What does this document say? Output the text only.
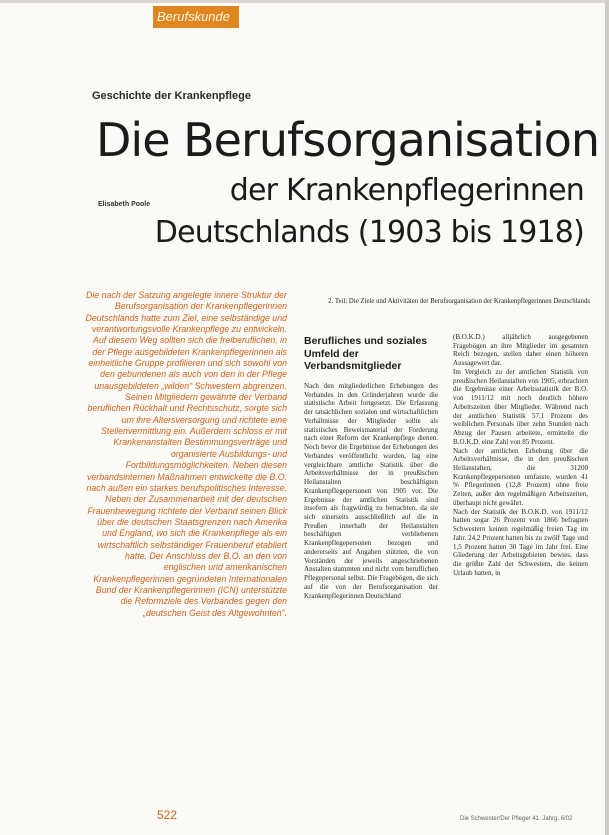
Berufskunde
Geschichte der Krankenpflege
Die Berufsorganisation
Elisabeth Poole	der Krankenpflegerinnen
Deutschlands (1903 bis 1918)
Die nach der Satzung angelegte innere Struktur der Berufsorganisation der Krankenpflegerinnen Deutschlands hatte zum Ziel, eine selbständige und verantwortungsvolle Krankenpflege zu entwickeln. Auf diesem Weg sollten sich die freiberuflichen, in der Pflege ausgebildeten Krankenpflegerinnen als einheitliche Gruppe profilieren und sich sowohl von den gebundenen als auch von den in der Pflege unausgebildeten „wilden“ Schwestern abgrenzen. Seinen Mitgliedern gewährte der Verband beruflichen Rückhalt und Rechtsschutz, sorgte sich um ihre Altersversorgung und richtete eine Stellenvermittlung ein. Außerdem schloss er mit Krankenanstalten Bestimmungsverträge und organisierte Ausbildungs- und Fortbildungsmöglichkeiten. Neben diesen verbandsinternen Maßnahmen entwickelte die B.O. nach außen ein starkes berufspolitisches Interesse. Neben der Zusammenarbeit mit der deutschen Frauenbewegung richtete der Verband seinen Blick über die deutschen Staatsgrenzen nach Amerika und England, wo sich die Krankenpflege als ein wirtschaftlich selbständiger Frauenberuf etabliert hatte. Der Anschluss der B.O. an den von englischen und amerikanischen Krankenpflegerinnen gegründeten Internationalen Bund der Krankenpflegerinnen (ICN) unterstützte die Reformziele des Verbandes gegen den „deutschen Geist des Altgewohnten“.
2. Teil: Die Ziele und Aktivitäten der Berufsorganisation der Krankenpflegerinnen Deutschlands
Berufliches und soziales Umfeld der Verbandsmitglieder

Nach den mitgliederlichen Erhebungen des Verbandes in den Gründerjahren wurde die statistische Arbeit fortgesetzt. Die Erfassung der tatsächlichen sozialen und wirtschaftlichen Verhältnisse der Mitglieder sollte als statistisches Beweismaterial der Forderung nach einer Reform der Krankenpflege dienen. Noch bevor die Ergebnisse der Erhebungen des Verbandes veröffentlicht wurden, lag eine vergleichbare amtliche Statistik über die Arbeitsverhältnisse der in preußischen Heilanstalten beschäftigten Krankenpflegepersonen von 1905 vor. Die Ergebnisse der amtlichen Statistik sind insofern als fragwürdig zu betrachten, da sie sich einerseits ausschließlich auf die in Preußen innerhalb der Heilanstalten beschäftigten verbliebenen Krankenpflegepersonen bezogen und andererseits auf Angaben stützten, die von Vorständen der jeweils angeschriebenen Anstalten stammten und nicht vom beruflichen Pflegepersonal selbst. Die Fragebögen, die sich auf die von der Berufsorganisation der Krankenpflegerinnen Deutschland

(B.O.K.D.) alljährlich ausgegebenen Fragebögen an ihre Mitglieder im gesamten Reich bezogen, stellen daher einen höheren Aussagewert dar.

Im Vergleich zu der amtlichen Statistik von preußischen Heilanstalten von 1905, erbrachten die Ergebnisse einer Arbeitsstatistik der B.O. von 1911/12 mit noch deutlich höhere Arbeitszeiten über Mitglieder. Während nach der amtlichen Statistik 57,1 Prozent des weiblichen Personals über zehn Stunden nach Abzug der Pausen arbeitete, ermittelte die B.O.K.D. eine Zahl von 85 Prozent.

Nach der amtlichen Erhebung über die Arbeitsverhältnisse, die in den preußischen Heilanstalten, die 31200 Krankenpflegepersonen umfasste, wurden 41 % Pflegerinnen (12,8 Prozent) ohne freie Zeiten, außer den regelmäßigen Arbeitszeiten, überhaupt nicht gewährt.

Nach der Statistik der B.O.K.D. von 1911/12 hatten sogar 26 Prozent von 1866 befragten Schwestern keinen regelmäßig freien Tag im Jahr. 24,2 Prozent hatten bis zu zwölf Tage und 1,5 Prozent hatten 30 Tage im Jahr frei. Eine Gliederung der Arbeitsgebieten bewies, dass die größte Zahl der Schwestern, die keinen Urlaub hatten, in

522	Die Schwester/Der Pfleger 41. Jahrg. 6/02
